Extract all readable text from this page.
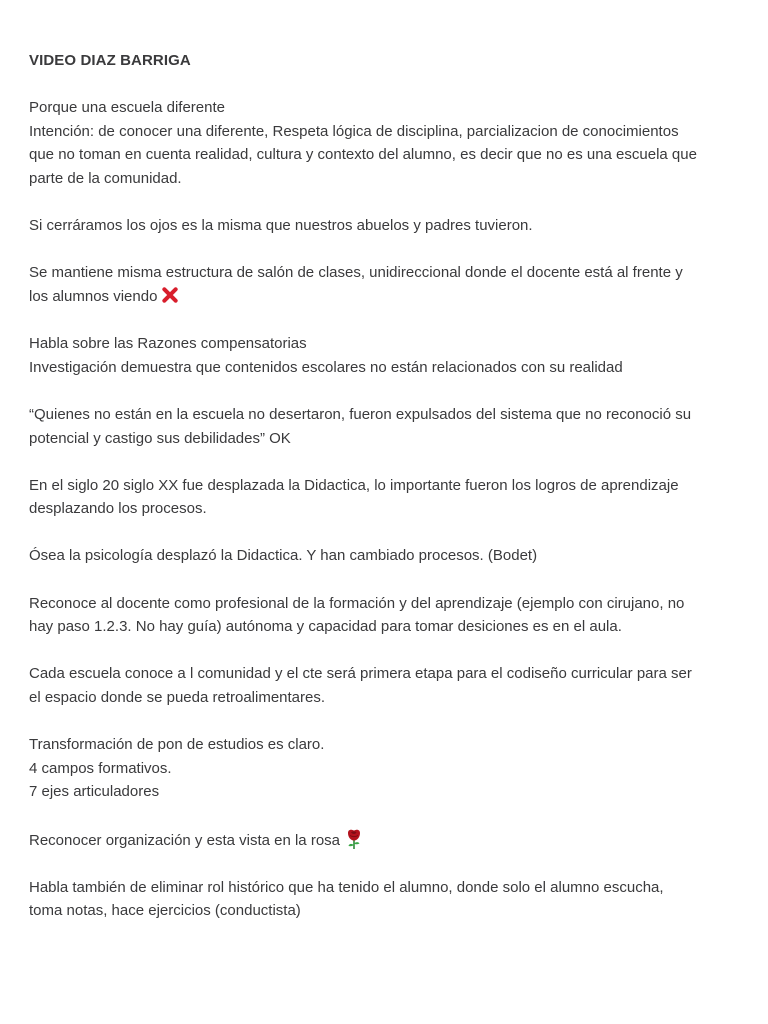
VIDEO DIAZ BARRIGA
Porque una escuela diferente
Intención: de conocer una diferente, Respeta lógica de disciplina, parcializacion de conocimientos
que no toman en cuenta realidad, cultura y contexto del alumno, es decir que no es una escuela que
parte de la comunidad.
Si cerráramos los ojos es la misma que nuestros abuelos y padres tuvieron.
Se mantiene misma estructura de salón de clases, unidireccional donde el docente está al frente y
los alumnos viendo
Habla sobre las Razones compensatorias
Investigación demuestra que contenidos escolares no están relacionados con su realidad
“Quienes no están en la escuela no desertaron, fueron expulsados del sistema que no reconoció su
potencial y castigo sus debilidades” OK
En el siglo 20 siglo XX fue desplazada la Didactica, lo importante fueron los logros de aprendizaje
desplazando los procesos.
Ósea la psicología desplazó la Didactica. Y han cambiado procesos. (Bodet)
Reconoce al docente como profesional de la formación y del aprendizaje (ejemplo con cirujano, no
hay paso 1.2.3. No hay guía) autónoma y capacidad para tomar desiciones es en el aula.
Cada escuela conoce a l comunidad y el cte será primera etapa para el codiseño curricular para ser
el espacio donde se pueda retroalimentares.
Transformación de pon de estudios es claro.
4 campos formativos.
7 ejes articuladores
Reconocer organización y esta vista en la rosa
Habla también de eliminar rol histórico que ha tenido el alumno, donde solo el alumno escucha,
toma notas, hace ejercicios (conductista)
